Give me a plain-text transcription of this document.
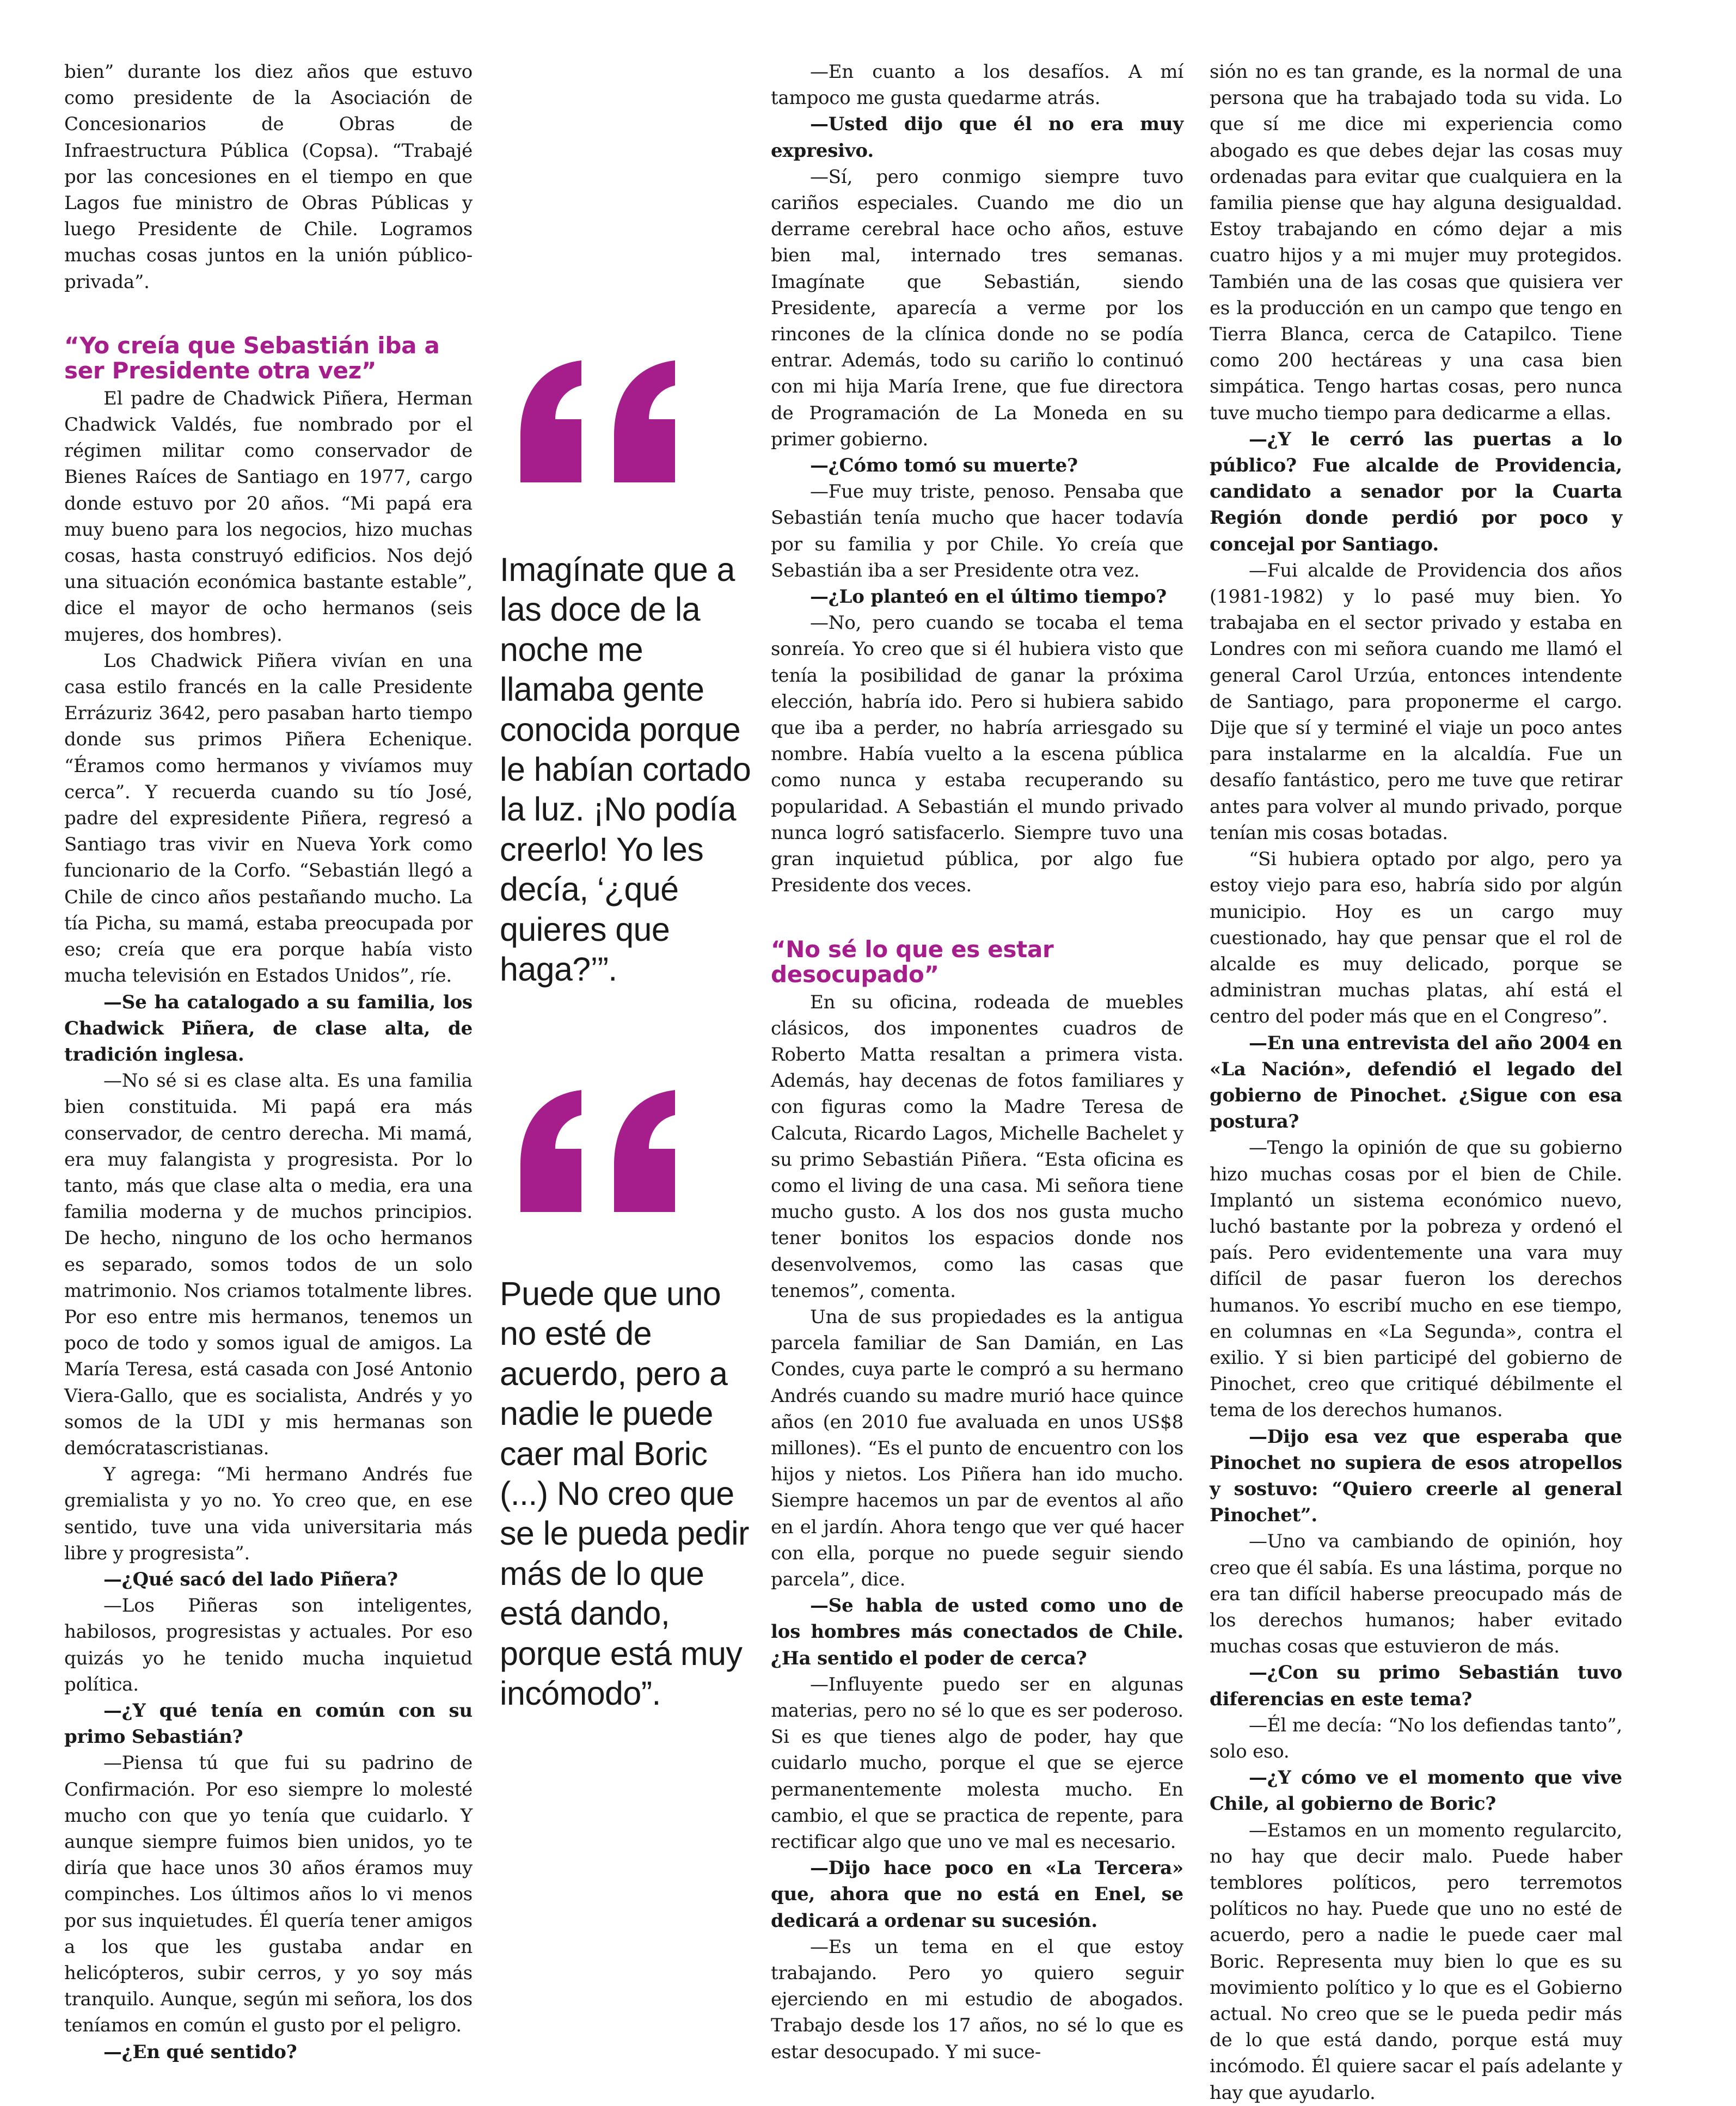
bien” durante los diez años que estuvo como presidente de la Asociación de Concesionarios de Obras de Infraestructura Pública (Copsa). “Trabajé por las concesiones en el tiempo en que Lagos fue ministro de Obras Públicas y luego Presidente de Chile. Logramos muchas cosas juntos en la unión público-privada”.

“Yo creía que Sebastián iba a ser Presidente otra vez”

El padre de Chadwick Piñera, Herman Chadwick Valdés, fue nombrado por el régimen militar como conservador de Bienes Raíces de Santiago en 1977, cargo donde estuvo por 20 años. “Mi papá era muy bueno para los negocios, hizo muchas cosas, hasta construyó edificios. Nos dejó una situación económica bastante estable”, dice el mayor de ocho hermanos (seis mujeres, dos hombres).

Los Chadwick Piñera vivían en una casa estilo francés en la calle Presidente Errázuriz 3642, pero pasaban harto tiempo donde sus primos Piñera Echenique. “Éramos como hermanos y vivíamos muy cerca”. Y recuerda cuando su tío José, padre del expresidente Piñera, regresó a Santiago tras vivir en Nueva York como funcionario de la Corfo. “Sebastián llegó a Chile de cinco años pestañando mucho. La tía Picha, su mamá, estaba preocupada por eso; creía que era porque había visto mucha televisión en Estados Unidos”, ríe.

—Se ha catalogado a su familia, los Chadwick Piñera, de clase alta, de tradición inglesa.

—No sé si es clase alta. Es una familia bien constituida. Mi papá era más conservador, de centro derecha. Mi mamá, era muy falangista y progresista. Por lo tanto, más que clase alta o media, era una familia moderna y de muchos principios. De hecho, ninguno de los ocho hermanos es separado, somos todos de un solo matrimonio. Nos criamos totalmente libres. Por eso entre mis hermanos, tenemos un poco de todo y somos igual de amigos. La María Teresa, está casada con José Antonio Viera-Gallo, que es socialista, Andrés y yo somos de la UDI y mis hermanas son demócratascristianas.

Y agrega: “Mi hermano Andrés fue gremialista y yo no. Yo creo que, en ese sentido, tuve una vida universitaria más libre y progresista”.

—¿Qué sacó del lado Piñera?

—Los Piñeras son inteligentes, habilosos, progresistas y actuales. Por eso quizás yo he tenido mucha inquietud política.

—¿Y qué tenía en común con su primo Sebastián?

—Piensa tú que fui su padrino de Confirmación. Por eso siempre lo molesté mucho con que yo tenía que cuidarlo. Y aunque siempre fuimos bien unidos, yo te diría que hace unos 30 años éramos muy compinches. Los últimos años lo vi menos por sus inquietudes. Él quería tener amigos a los que les gustaba andar en helicópteros, subir cerros, y yo soy más tranquilo. Aunque, según mi señora, los dos teníamos en común el gusto por el peligro.

—¿En qué sentido?

Imagínate que a las doce de la noche me llamaba gente conocida porque le habían cortado la luz. ¡No podía creerlo! Yo les decía, ‘¿qué quieres que haga?’”.
Puede que uno no esté de acuerdo, pero a nadie le puede caer mal Boric (...) No creo que se le pueda pedir más de lo que está dando, porque está muy incómodo”.

—En cuanto a los desafíos. A mí tampoco me gusta quedarme atrás.

—Usted dijo que él no era muy expresivo.

—Sí, pero conmigo siempre tuvo cariños especiales. Cuando me dio un derrame cerebral hace ocho años, estuve bien mal, internado tres semanas. Imagínate que Sebastián, siendo Presidente, aparecía a verme por los rincones de la clínica donde no se podía entrar. Además, todo su cariño lo continuó con mi hija María Irene, que fue directora de Programación de La Moneda en su primer gobierno.

—¿Cómo tomó su muerte?

—Fue muy triste, penoso. Pensaba que Sebastián tenía mucho que hacer todavía por su familia y por Chile. Yo creía que Sebastián iba a ser Presidente otra vez.

—¿Lo planteó en el último tiempo?

—No, pero cuando se tocaba el tema sonreía. Yo creo que si él hubiera visto que tenía la posibilidad de ganar la próxima elección, habría ido. Pero si hubiera sabido que iba a perder, no habría arriesgado su nombre. Había vuelto a la escena pública como nunca y estaba recuperando su popularidad. A Sebastián el mundo privado nunca logró satisfacerlo. Siempre tuvo una gran inquietud pública, por algo fue Presidente dos veces.

“No sé lo que es estar desocupado”

En su oficina, rodeada de muebles clásicos, dos imponentes cuadros de Roberto Matta resaltan a primera vista. Además, hay decenas de fotos familiares y con figuras como la Madre Teresa de Calcuta, Ricardo Lagos, Michelle Bachelet y su primo Sebastián Piñera. “Esta oficina es como el living de una casa. Mi señora tiene mucho gusto. A los dos nos gusta mucho tener bonitos los espacios donde nos desenvolvemos, como las casas que tenemos”, comenta.

Una de sus propiedades es la antigua parcela familiar de San Damián, en Las Condes, cuya parte le compró a su hermano Andrés cuando su madre murió hace quince años (en 2010 fue avaluada en unos US$8 millones). “Es el punto de encuentro con los hijos y nietos. Los Piñera han ido mucho. Siempre hacemos un par de eventos al año en el jardín. Ahora tengo que ver qué hacer con ella, porque no puede seguir siendo parcela”, dice.

—Se habla de usted como uno de los hombres más conectados de Chile. ¿Ha sentido el poder de cerca?

—Influyente puedo ser en algunas materias, pero no sé lo que es ser poderoso. Si es que tienes algo de poder, hay que cuidarlo mucho, porque el que se ejerce permanentemente molesta mucho. En cambio, el que se practica de repente, para rectificar algo que uno ve mal es necesario.

—Dijo hace poco en «La Tercera» que, ahora que no está en Enel, se dedicará a ordenar su sucesión.

—Es un tema en el que estoy trabajando. Pero yo quiero seguir ejerciendo en mi estudio de abogados. Trabajo desde los 17 años, no sé lo que es estar desocupado. Y mi suce-

sión no es tan grande, es la normal de una persona que ha trabajado toda su vida. Lo que sí me dice mi experiencia como abogado es que debes dejar las cosas muy ordenadas para evitar que cualquiera en la familia piense que hay alguna desigualdad. Estoy trabajando en cómo dejar a mis cuatro hijos y a mi mujer muy protegidos. También una de las cosas que quisiera ver es la producción en un campo que tengo en Tierra Blanca, cerca de Catapilco. Tiene como 200 hectáreas y una casa bien simpática. Tengo hartas cosas, pero nunca tuve mucho tiempo para dedicarme a ellas.

—¿Y le cerró las puertas a lo público? Fue alcalde de Providencia, candidato a senador por la Cuarta Región donde perdió por poco y concejal por Santiago.

—Fui alcalde de Providencia dos años (1981-1982) y lo pasé muy bien. Yo trabajaba en el sector privado y estaba en Londres con mi señora cuando me llamó el general Carol Urzúa, entonces intendente de Santiago, para proponerme el cargo. Dije que sí y terminé el viaje un poco antes para instalarme en la alcaldía. Fue un desafío fantástico, pero me tuve que retirar antes para volver al mundo privado, porque tenían mis cosas botadas.

“Si hubiera optado por algo, pero ya estoy viejo para eso, habría sido por algún municipio. Hoy es un cargo muy cuestionado, hay que pensar que el rol de alcalde es muy delicado, porque se administran muchas platas, ahí está el centro del poder más que en el Congreso”.

—En una entrevista del año 2004 en «La Nación», defendió el legado del gobierno de Pinochet. ¿Sigue con esa postura?

—Tengo la opinión de que su gobierno hizo muchas cosas por el bien de Chile. Implantó un sistema económico nuevo, luchó bastante por la pobreza y ordenó el país. Pero evidentemente una vara muy difícil de pasar fueron los derechos humanos. Yo escribí mucho en ese tiempo, en columnas en «La Segunda», contra el exilio. Y si bien participé del gobierno de Pinochet, creo que critiqué débilmente el tema de los derechos humanos.

—Dijo esa vez que esperaba que Pinochet no supiera de esos atropellos y sostuvo: “Quiero creerle al general Pinochet”.

—Uno va cambiando de opinión, hoy creo que él sabía. Es una lástima, porque no era tan difícil haberse preocupado más de los derechos humanos; haber evitado muchas cosas que estuvieron de más.

—¿Con su primo Sebastián tuvo diferencias en este tema?

—Él me decía: “No los defiendas tanto”, solo eso.

—¿Y cómo ve el momento que vive Chile, al gobierno de Boric?

—Estamos en un momento regularcito, no hay que decir malo. Puede haber temblores políticos, pero terremotos políticos no hay. Puede que uno no esté de acuerdo, pero a nadie le puede caer mal Boric. Representa muy bien lo que es su movimiento político y lo que es el Gobierno actual. No creo que se le pueda pedir más de lo que está dando, porque está muy incómodo. Él quiere sacar el país adelante y hay que ayudarlo.
